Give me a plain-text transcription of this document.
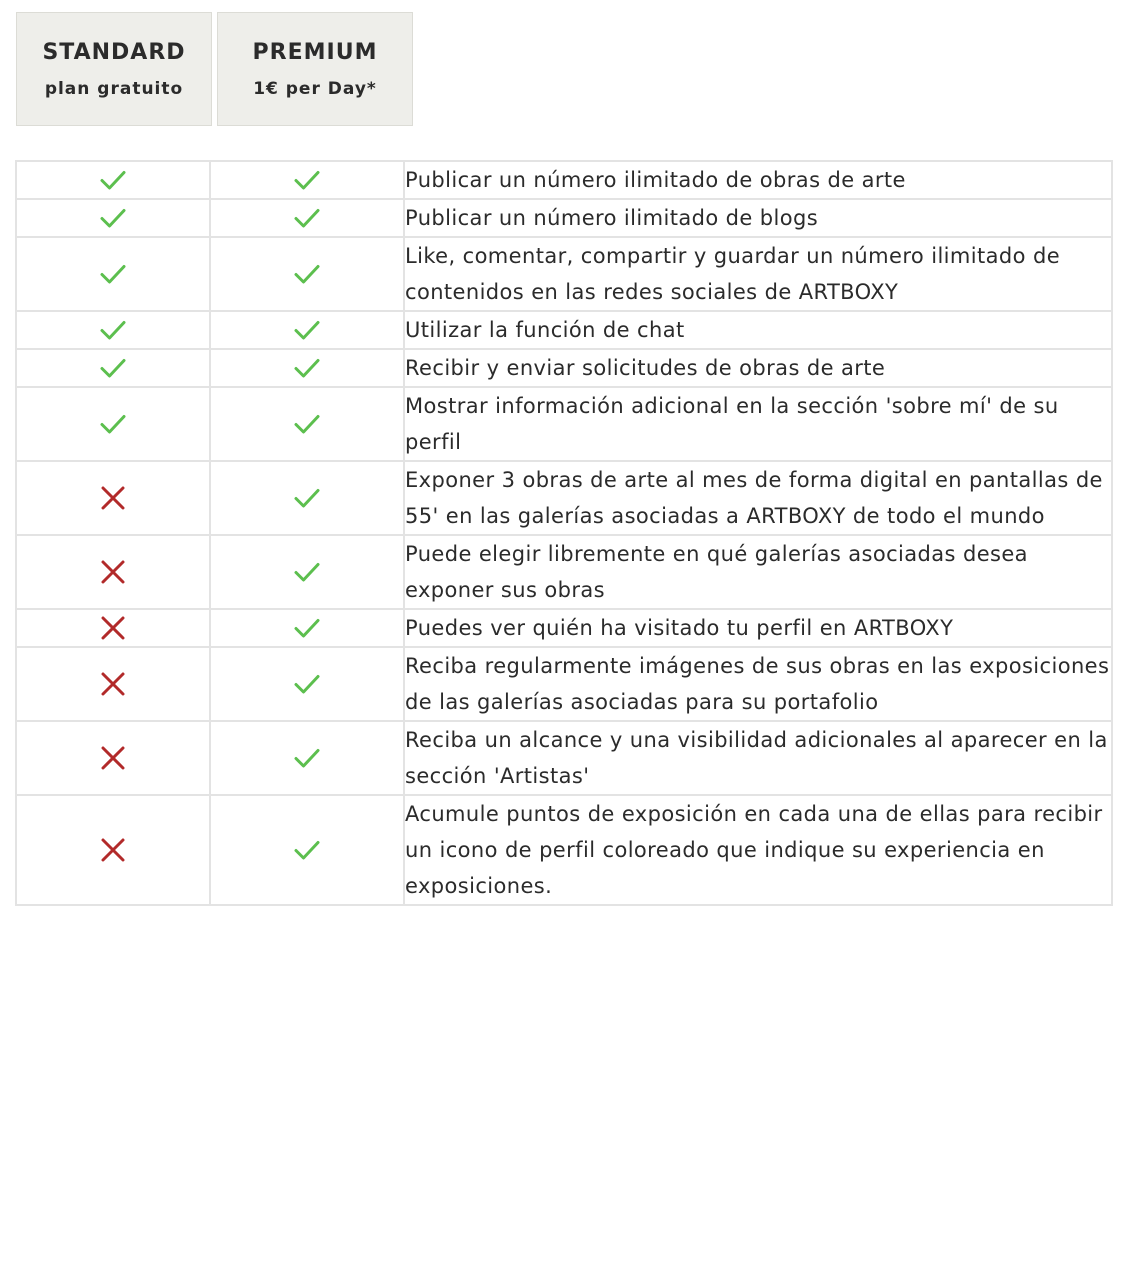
STANDARD
plan gratuito
PREMIUM
1€ per Day*
		Publicar un número ilimitado de obras de arte
		Publicar un número ilimitado de blogs
		Like, comentar, compartir y guardar un número ilimitado de contenidos en las redes sociales de ARTBOXY
		Utilizar la función de chat
		Recibir y enviar solicitudes de obras de arte
		Mostrar información adicional en la sección 'sobre mí' de su perfil
		Exponer 3 obras de arte al mes de forma digital en pantallas de 55' en las galerías asociadas a ARTBOXY de todo el mundo
		Puede elegir libremente en qué galerías asociadas desea exponer sus obras
		Puedes ver quién ha visitado tu perfil en ARTBOXY
		Reciba regularmente imágenes de sus obras en las exposiciones de las galerías asociadas para su portafolio
		Reciba un alcance y una visibilidad adicionales al aparecer en la sección 'Artistas'
		Acumule puntos de exposición en cada una de ellas para recibir un icono de perfil coloreado que indique su experiencia en exposiciones.
